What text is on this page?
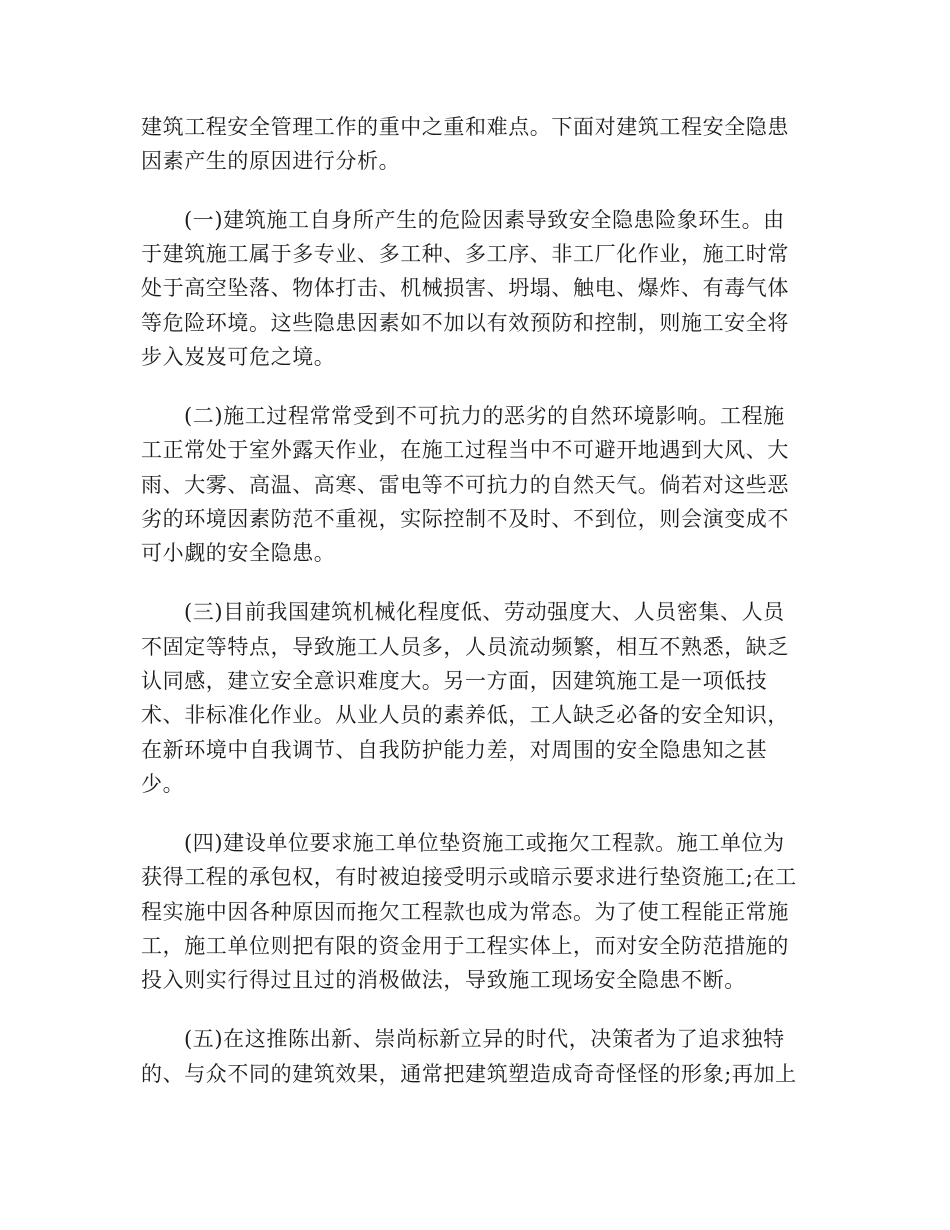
建筑工程安全管理工作的重中之重和难点。下面对建筑工程安全隐患

因素产生的原因进行分析。

(一)建筑施工自身所产生的危险因素导致安全隐患险象环生。由

于建筑施工属于多专业、多工种、多工序、非工厂化作业，施工时常

处于高空坠落、物体打击、机械损害、坍塌、触电、爆炸、有毒气体

等危险环境。这些隐患因素如不加以有效预防和控制，则施工安全将

步入岌岌可危之境。

(二)施工过程常常受到不可抗力的恶劣的自然环境影响。工程施

工正常处于室外露天作业，在施工过程当中不可避开地遇到大风、大

雨、大雾、高温、高寒、雷电等不可抗力的自然天气。倘若对这些恶

劣的环境因素防范不重视，实际控制不及时、不到位，则会演变成不

可小觑的安全隐患。

(三)目前我国建筑机械化程度低、劳动强度大、人员密集、人员

不固定等特点，导致施工人员多，人员流动频繁，相互不熟悉，缺乏

认同感，建立安全意识难度大。另一方面，因建筑施工是一项低技

术、非标准化作业。从业人员的素养低，工人缺乏必备的安全知识，

在新环境中自我调节、自我防护能力差，对周围的安全隐患知之甚

少。

(四)建设单位要求施工单位垫资施工或拖欠工程款。施工单位为

获得工程的承包权，有时被迫接受明示或暗示要求进行垫资施工;在工

程实施中因各种原因而拖欠工程款也成为常态。为了使工程能正常施

工，施工单位则把有限的资金用于工程实体上，而对安全防范措施的

投入则实行得过且过的消极做法，导致施工现场安全隐患不断。

(五)在这推陈出新、崇尚标新立异的时代，决策者为了追求独特

的、与众不同的建筑效果，通常把建筑塑造成奇奇怪怪的形象;再加上
